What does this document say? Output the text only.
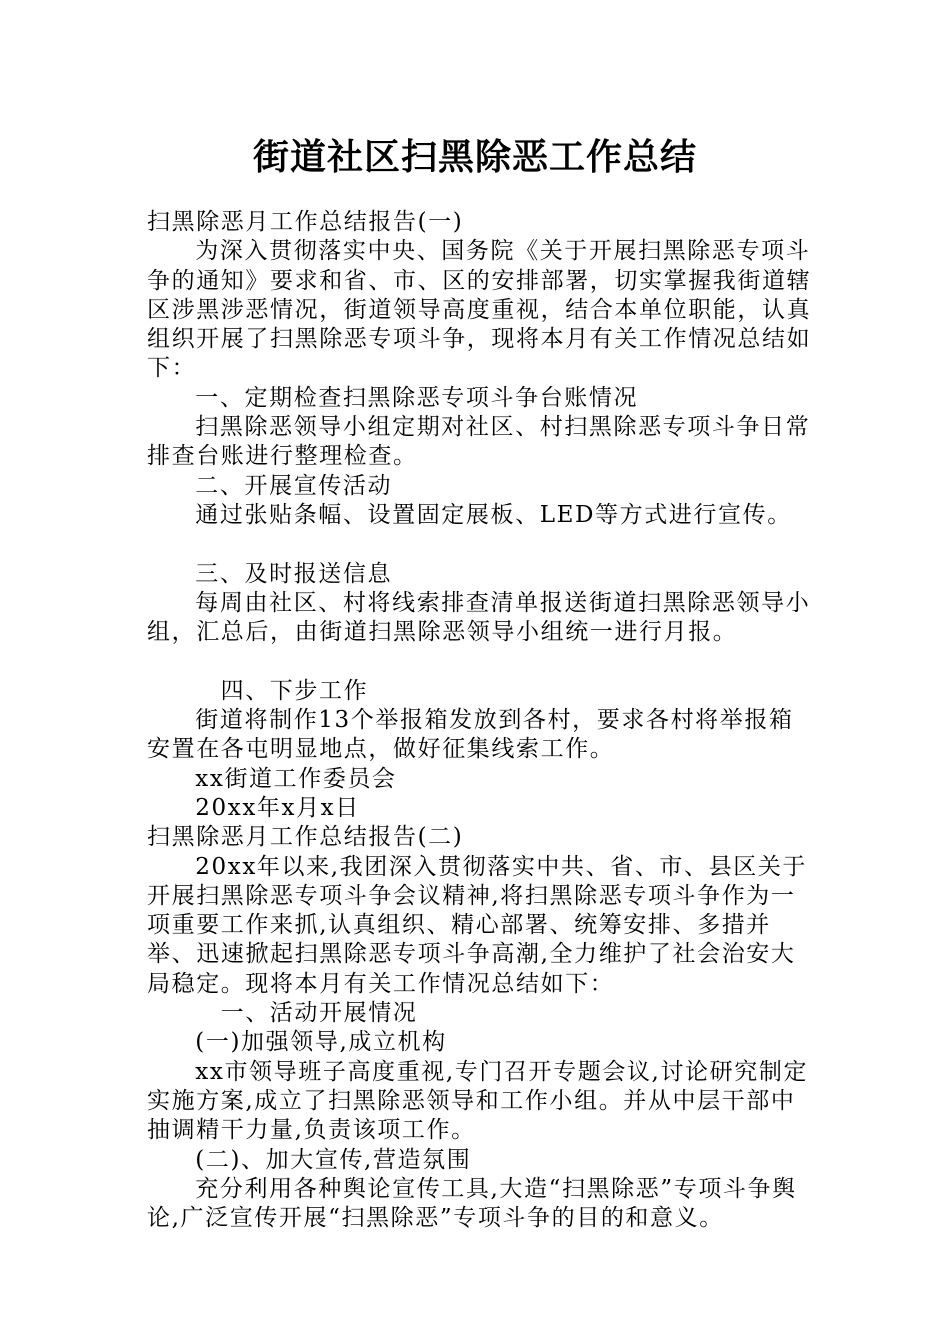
街道社区扫黑除恶工作总结

扫黑除恶月工作总结报告(一)

为深入贯彻落实中央、国务院《关于开展扫黑除恶专项斗争的通知》要求和省、市、区的安排部署，切实掌握我街道辖区涉黑涉恶情况，街道领导高度重视，结合本单位职能，认真组织开展了扫黑除恶专项斗争，现将本月有关工作情况总结如下：

一、定期检查扫黑除恶专项斗争台账情况

扫黑除恶领导小组定期对社区、村扫黑除恶专项斗争日常排查台账进行整理检查。

二、开展宣传活动

通过张贴条幅、设置固定展板、LED等方式进行宣传。

三、及时报送信息

每周由社区、村将线索排查清单报送街道扫黑除恶领导小组，汇总后，由街道扫黑除恶领导小组统一进行月报。

四、下步工作

街道将制作13个举报箱发放到各村，要求各村将举报箱安置在各屯明显地点，做好征集线索工作。

xx街道工作委员会

20xx年x月x日

扫黑除恶月工作总结报告(二)

20xx年以来,我团深入贯彻落实中共、省、市、县区关于开展扫黑除恶专项斗争会议精神,将扫黑除恶专项斗争作为一项重要工作来抓,认真组织、精心部署、统筹安排、多措并举、迅速掀起扫黑除恶专项斗争高潮,全力维护了社会治安大局稳定。现将本月有关工作情况总结如下：

一、活动开展情况

(一)加强领导,成立机构

xx市领导班子高度重视,专门召开专题会议,讨论研究制定实施方案,成立了扫黑除恶领导和工作小组。并从中层干部中抽调精干力量,负责该项工作。

(二)、加大宣传,营造氛围

充分利用各种舆论宣传工具,大造“扫黑除恶”专项斗争舆论,广泛宣传开展“扫黑除恶”专项斗争的目的和意义。
